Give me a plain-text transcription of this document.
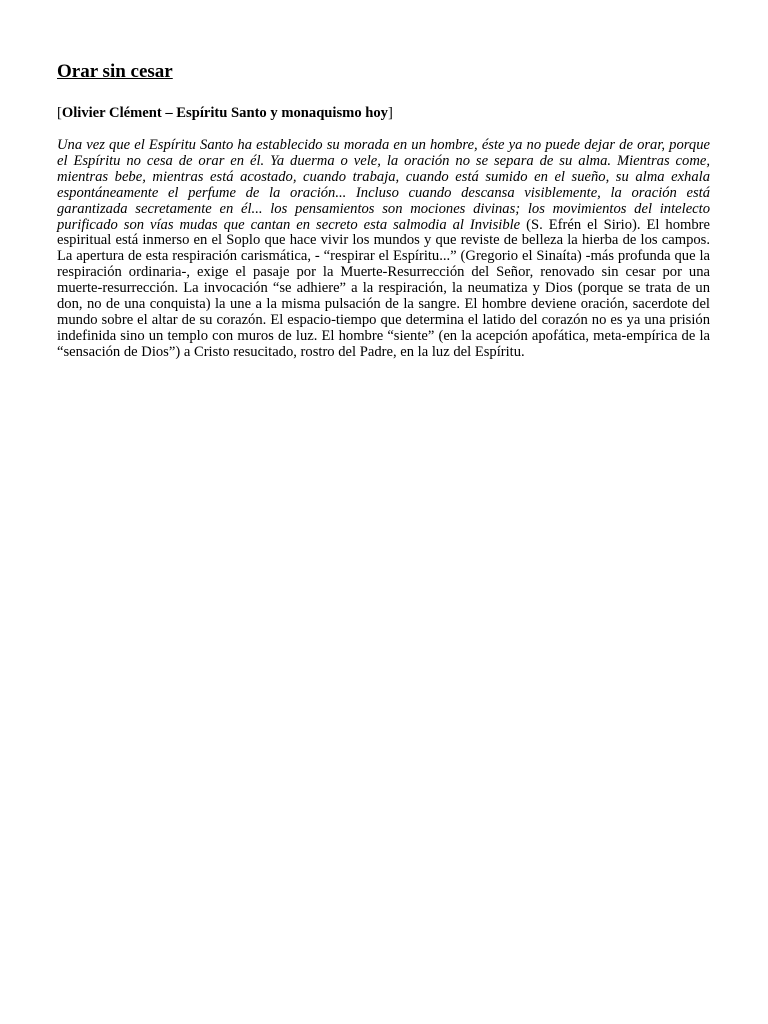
Orar sin cesar

[Olivier Clément – Espíritu Santo y monaquismo hoy]

Una vez que el Espíritu Santo ha establecido su morada en un hombre, éste ya no puede dejar de orar, porque el Espíritu no cesa de orar en él. Ya duerma o vele, la oración no se separa de su alma. Mientras come, mientras bebe, mientras está acostado, cuando trabaja, cuando está sumido en el sueño, su alma exhala espontáneamente el perfume de la oración... Incluso cuando descansa visiblemente, la oración está garantizada secretamente en él... los pensamientos son mociones divinas; los movimientos del intelecto purificado son vías mudas que cantan en secreto esta salmodia al Invisible (S. Efrén el Sirio). El hombre espiritual está inmerso en el Soplo que hace vivir los mundos y que reviste de belleza la hierba de los campos. La apertura de esta respiración carismática, - “respirar el Espíritu...” (Gregorio el Sinaíta) -más profunda que la respiración ordinaria-, exige el pasaje por la Muerte-Resurrección del Señor, renovado sin cesar por una muerte-resurrección. La invocación “se adhiere” a la respiración, la neumatiza y Dios (porque se trata de un don, no de una conquista) la une a la misma pulsación de la sangre. El hombre deviene oración, sacerdote del mundo sobre el altar de su corazón. El espacio-tiempo que determina el latido del corazón no es ya una prisión indefinida sino un templo con muros de luz. El hombre “siente” (en la acepción apofática, meta-empírica de la “sensación de Dios”) a Cristo resucitado, rostro del Padre, en la luz del Espíritu.
